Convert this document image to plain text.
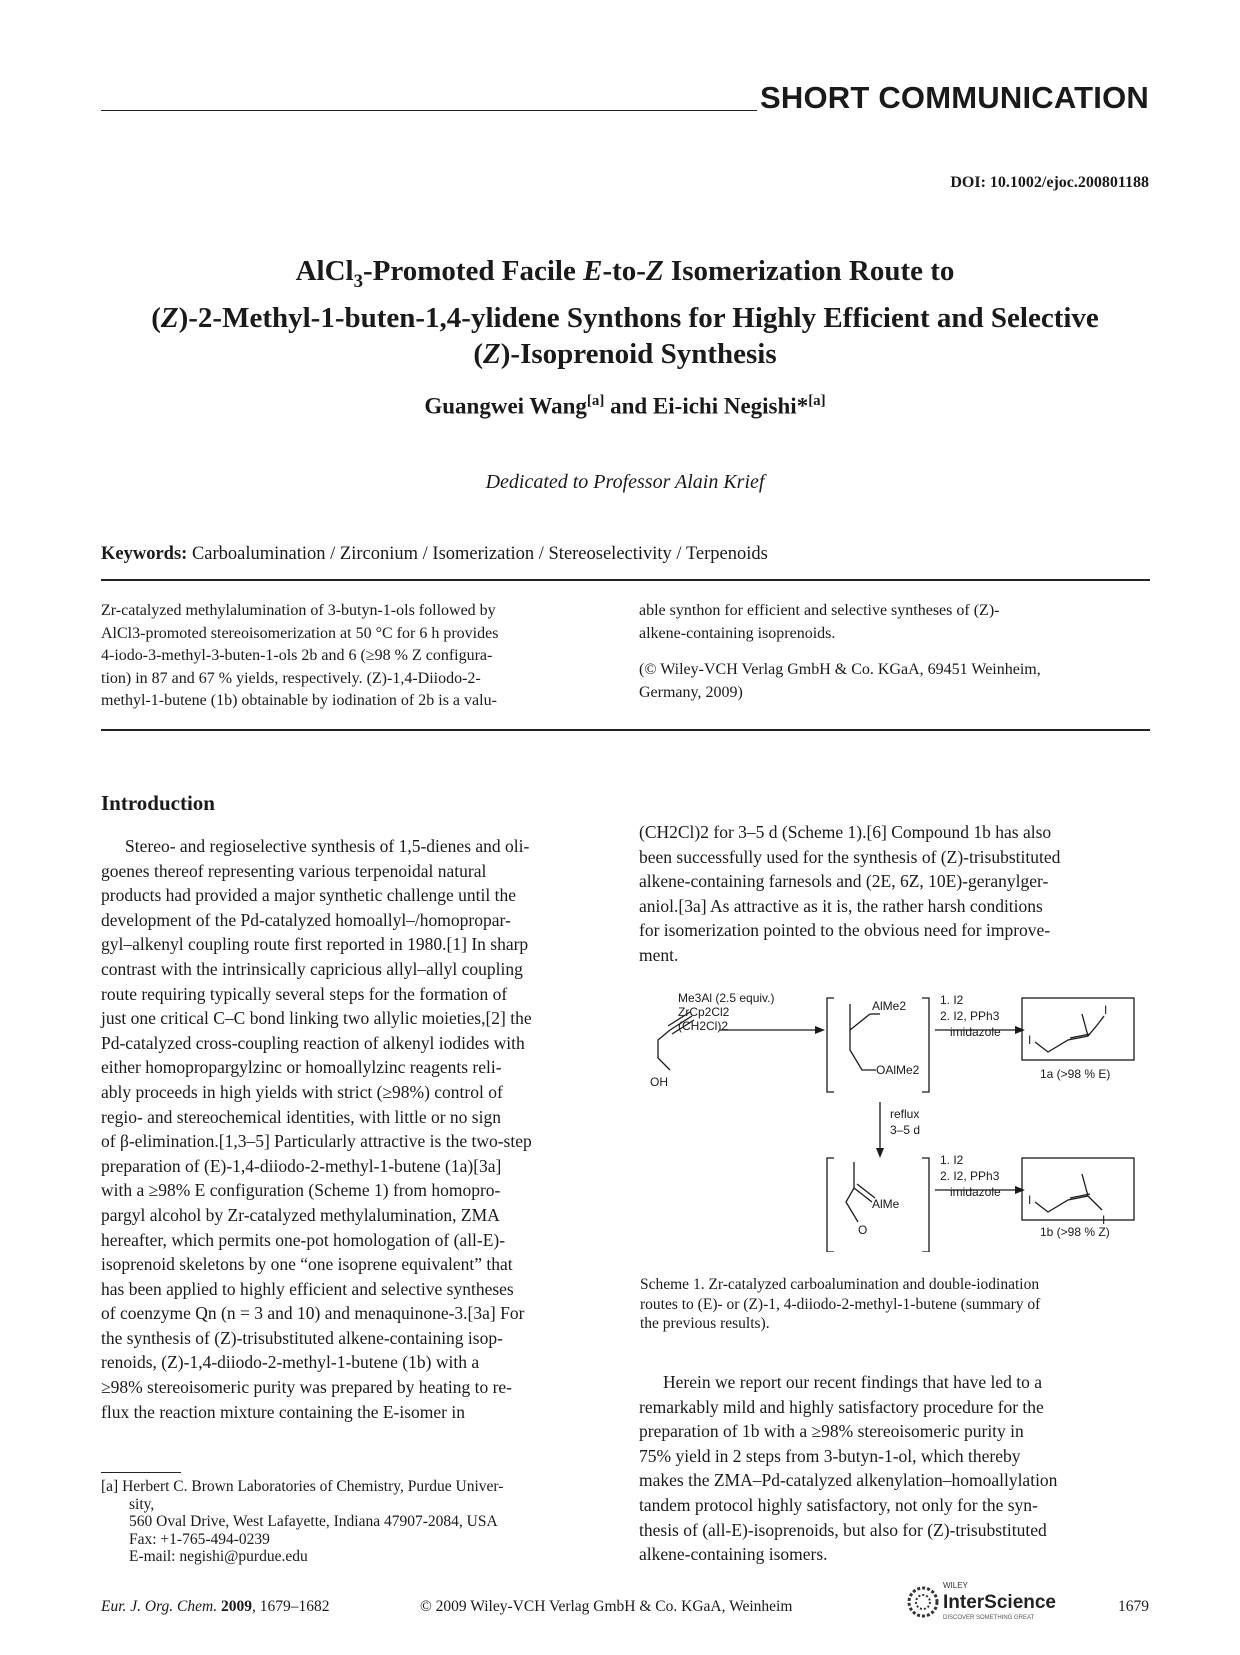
SHORT COMMUNICATION
DOI: 10.1002/ejoc.200801188
AlCl$_3$-Promoted Facile E-to-Z Isomerization Route to
(Z)-2-Methyl-1-buten-1,4-ylidene Synthons for Highly Efficient and Selective
(Z)-Isoprenoid Synthesis
Guangwei Wang[a] and Ei-ichi Negishi*[a]
Dedicated to Professor Alain Krief
Keywords: Carboalumination / Zirconium / Isomerization / Stereoselectivity / Terpenoids
Zr-catalyzed methylalumination of 3-butyn-1-ols followed by
AlCl3-promoted stereoisomerization at 50 °C for 6 h provides
4-iodo-3-methyl-3-buten-1-ols 2b and 6 (≥98 % Z configura-
tion) in 87 and 67 % yields, respectively. (Z)-1,4-Diiodo-2-
methyl-1-butene (1b) obtainable by iodination of 2b is a valu-
able synthon for efficient and selective syntheses of (Z)-
alkene-containing isoprenoids.
(© Wiley-VCH Verlag GmbH & Co. KGaA, 69451 Weinheim,
Germany, 2009)
Introduction
Stereo- and regioselective synthesis of 1,5-dienes and oli-
goenes thereof representing various terpenoidal natural
products had provided a major synthetic challenge until the
development of the Pd-catalyzed homoallyl–/homopropar-
gyl–alkenyl coupling route first reported in 1980.[1] In sharp
contrast with the intrinsically capricious allyl–allyl coupling
route requiring typically several steps for the formation of
just one critical C–C bond linking two allylic moieties,[2] the
Pd-catalyzed cross-coupling reaction of alkenyl iodides with
either homopropargylzinc or homoallylzinc reagents reli-
ably proceeds in high yields with strict (≥98%) control of
regio- and stereochemical identities, with little or no sign
of β-elimination.[1,3–5] Particularly attractive is the two-step
preparation of (E)-1,4-diiodo-2-methyl-1-butene (1a)[3a]
with a ≥98% E configuration (Scheme 1) from homopro-
pargyl alcohol by Zr-catalyzed methylalumination, ZMA
hereafter, which permits one-pot homologation of (all-E)-
isoprenoid skeletons by one “one isoprene equivalent” that
has been applied to highly efficient and selective syntheses
of coenzyme Qn (n = 3 and 10) and menaquinone-3.[3a] For
the synthesis of (Z)-trisubstituted alkene-containing isop-
renoids, (Z)-1,4-diiodo-2-methyl-1-butene (1b) with a
≥98% stereoisomeric purity was prepared by heating to re-
flux the reaction mixture containing the E-isomer in
(CH2Cl)2 for 3–5 d (Scheme 1).[6] Compound 1b has also
been successfully used for the synthesis of (Z)-trisubstituted
alkene-containing farnesols and (2E, 6Z, 10E)-geranylger-
aniol.[3a] As attractive as it is, the rather harsh conditions
for isomerization pointed to the obvious need for improve-
ment.
Me3Al (2.5 equiv.)
ZrCp2Cl2
(CH2Cl)2
OH
AlMe2
OAlMe2
1. I2
2. I2, PPh3
imidazole
reflux
3–5 d
1. I2
2. I2, PPh3
imidazole
AlMe
O
I
I
I
I
1a (>98 % E)
1b (>98 % Z)
Scheme 1. Zr-catalyzed carboalumination and double-iodination
routes to (E)- or (Z)-1, 4-diiodo-2-methyl-1-butene (summary of
the previous results).
Herein we report our recent findings that have led to a
remarkably mild and highly satisfactory procedure for the
preparation of 1b with a ≥98% stereoisomeric purity in
75% yield in 2 steps from 3-butyn-1-ol, which thereby
makes the ZMA–Pd-catalyzed alkenylation–homoallylation
tandem protocol highly satisfactory, not only for the syn-
thesis of (all-E)-isoprenoids, but also for (Z)-trisubstituted
alkene-containing isomers.
[a] Herbert C. Brown Laboratories of Chemistry, Purdue Univer-
sity,
560 Oval Drive, West Lafayette, Indiana 47907-2084, USA
Fax: +1-765-494-0239
E-mail: negishi@purdue.edu
Eur. J. Org. Chem. 2009, 1679–1682	© 2009 Wiley-VCH Verlag GmbH & Co. KGaA, Weinheim	1679
WILEY
InterScience
DISCOVER SOMETHING GREAT
